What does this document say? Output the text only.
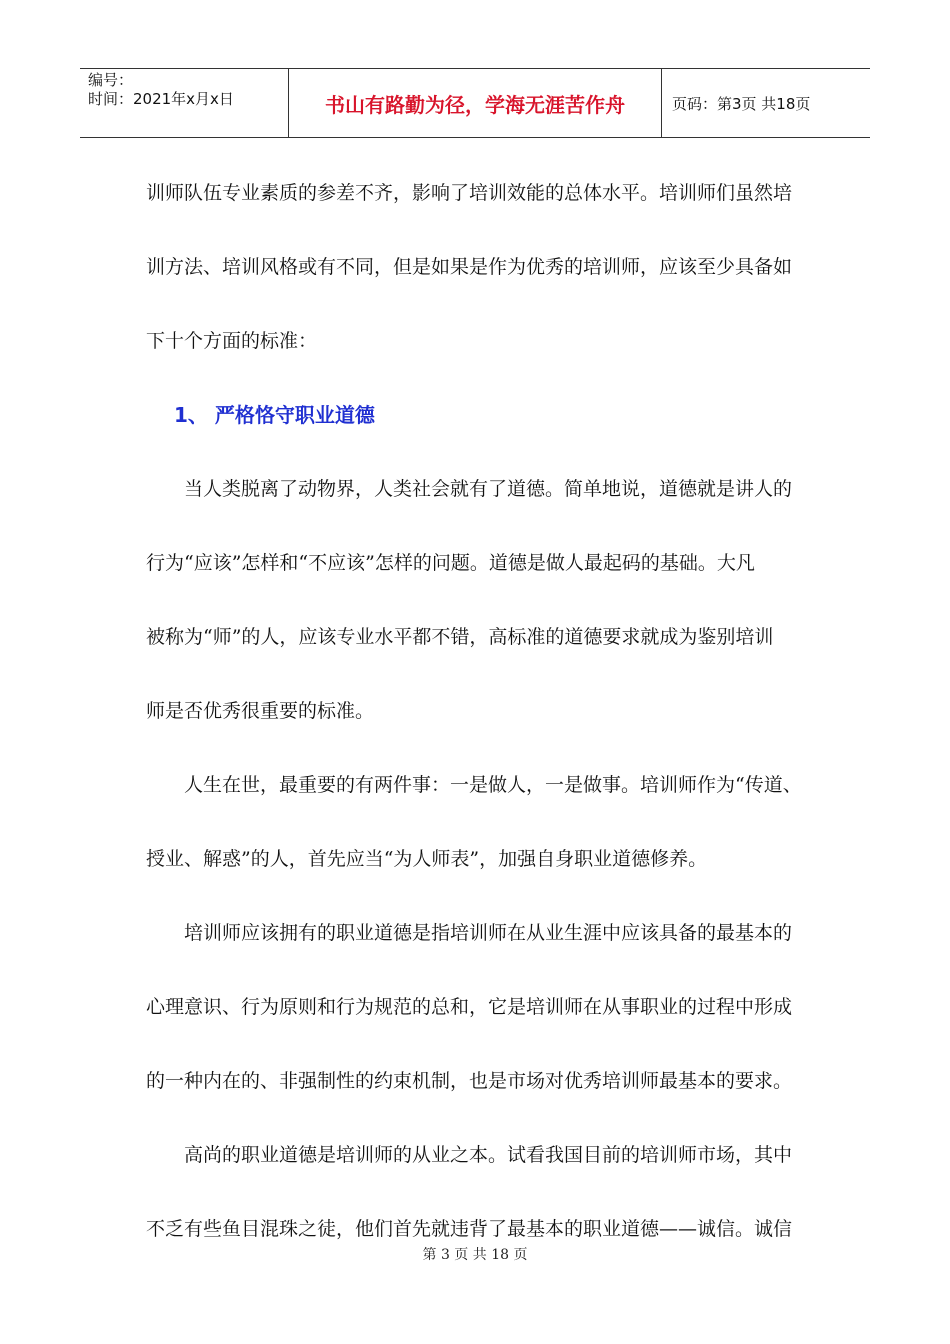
编号：
时间：2021年x月x日	书山有路勤为径，学海无涯苦作舟	页码：第3页 共18页

训师队伍专业素质的参差不齐，影响了培训效能的总体水平。培训师们虽然培

训方法、培训风格或有不同，但是如果是作为优秀的培训师，应该至少具备如

下十个方面的标准：

1、 严格恪守职业道德

当人类脱离了动物界，人类社会就有了道德。简单地说，道德就是讲人的

行为“应该”怎样和“不应该”怎样的问题。道德是做人最起码的基础。大凡

被称为“师”的人，应该专业水平都不错，高标准的道德要求就成为鉴别培训

师是否优秀很重要的标准。

人生在世，最重要的有两件事：一是做人，一是做事。培训师作为“传道、

授业、解惑”的人，首先应当“为人师表”，加强自身职业道德修养。

培训师应该拥有的职业道德是指培训师在从业生涯中应该具备的最基本的

心理意识、行为原则和行为规范的总和，它是培训师在从事职业的过程中形成

的一种内在的、非强制性的约束机制，也是市场对优秀培训师最基本的要求。

高尚的职业道德是培训师的从业之本。试看我国目前的培训师市场，其中

不乏有些鱼目混珠之徒，他们首先就违背了最基本的职业道德——诚信。诚信

第 3 页 共 18 页
